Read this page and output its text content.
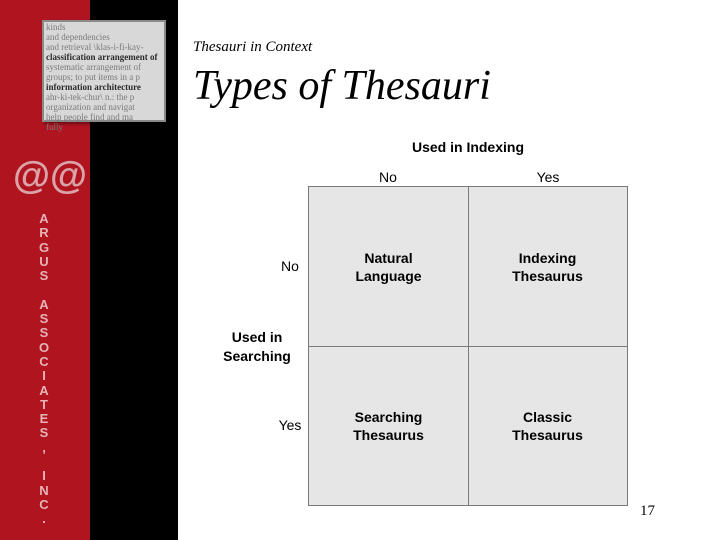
kinds
and dependencies
and retrieval \klas-i-fi-kay-
classification arrangement of
systematic arrangement of
groups; to put items in a p
information architecture
ahr-ki-tek-chur\ n.: the p
organization and navigat
help people find and ma
fully
@@
A
R
G
U
S

A
S
S
O
C
I
A
T
E
S
,

I
N
C
.
Thesauri in Context
Types of Thesauri
Used in Indexing
No	Yes
No
Yes
Used in
Searching
Natural
Language
Indexing
Thesaurus
Searching
Thesaurus
Classic
Thesaurus
17
